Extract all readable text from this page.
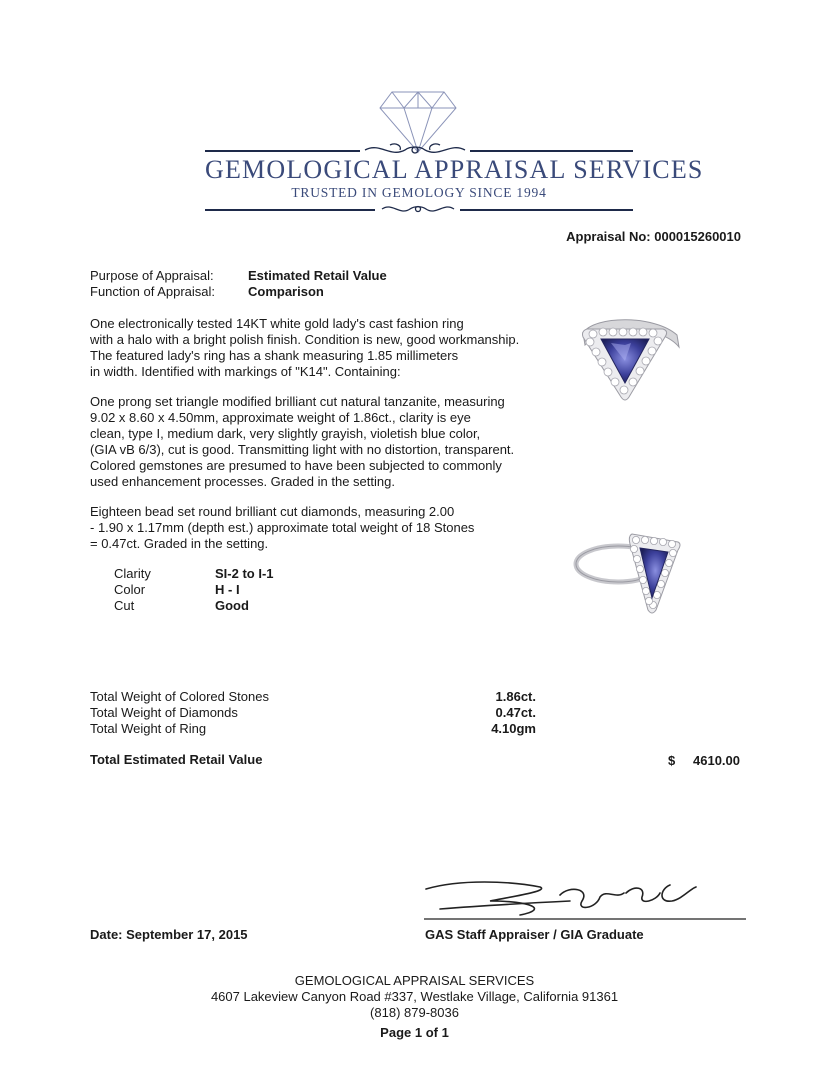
GEMOLOGICAL APPRAISAL SERVICES
TRUSTED IN GEMOLOGY SINCE 1994
Appraisal No: 000015260010
Purpose of Appraisal:	Estimated Retail Value
Function of Appraisal:	Comparison
One electronically tested 14KT white gold lady's cast fashion ring
with a halo with a bright polish finish. Condition is new, good workmanship.
The featured lady's ring has a shank measuring 1.85 millimeters
in width. Identified with markings of "K14". Containing:
One prong set triangle modified brilliant cut natural tanzanite, measuring
9.02 x 8.60 x 4.50mm, approximate weight of 1.86ct., clarity is eye
clean, type I, medium dark, very slightly grayish, violetish blue color,
(GIA vB 6/3), cut is good. Transmitting light with no distortion, transparent.
Colored gemstones are presumed to have been subjected to commonly
used enhancement processes. Graded in the setting.
Eighteen bead set round brilliant cut diamonds, measuring 2.00
- 1.90 x 1.17mm (depth est.) approximate total weight of 18 Stones
= 0.47ct. Graded in the setting.
Clarity	SI-2 to I-1
Color	H - I
Cut	Good
Total Weight of Colored Stones	1.86ct.
Total Weight of Diamonds	0.47ct.
Total Weight of Ring	4.10gm
Total Estimated Retail Value	$ 4610.00
Date: September 17, 2015	GAS Staff Appraiser / GIA Graduate
GEMOLOGICAL APPRAISAL SERVICES
4607 Lakeview Canyon Road #337, Westlake Village, California 91361
(818) 879-8036
Page 1 of 1
